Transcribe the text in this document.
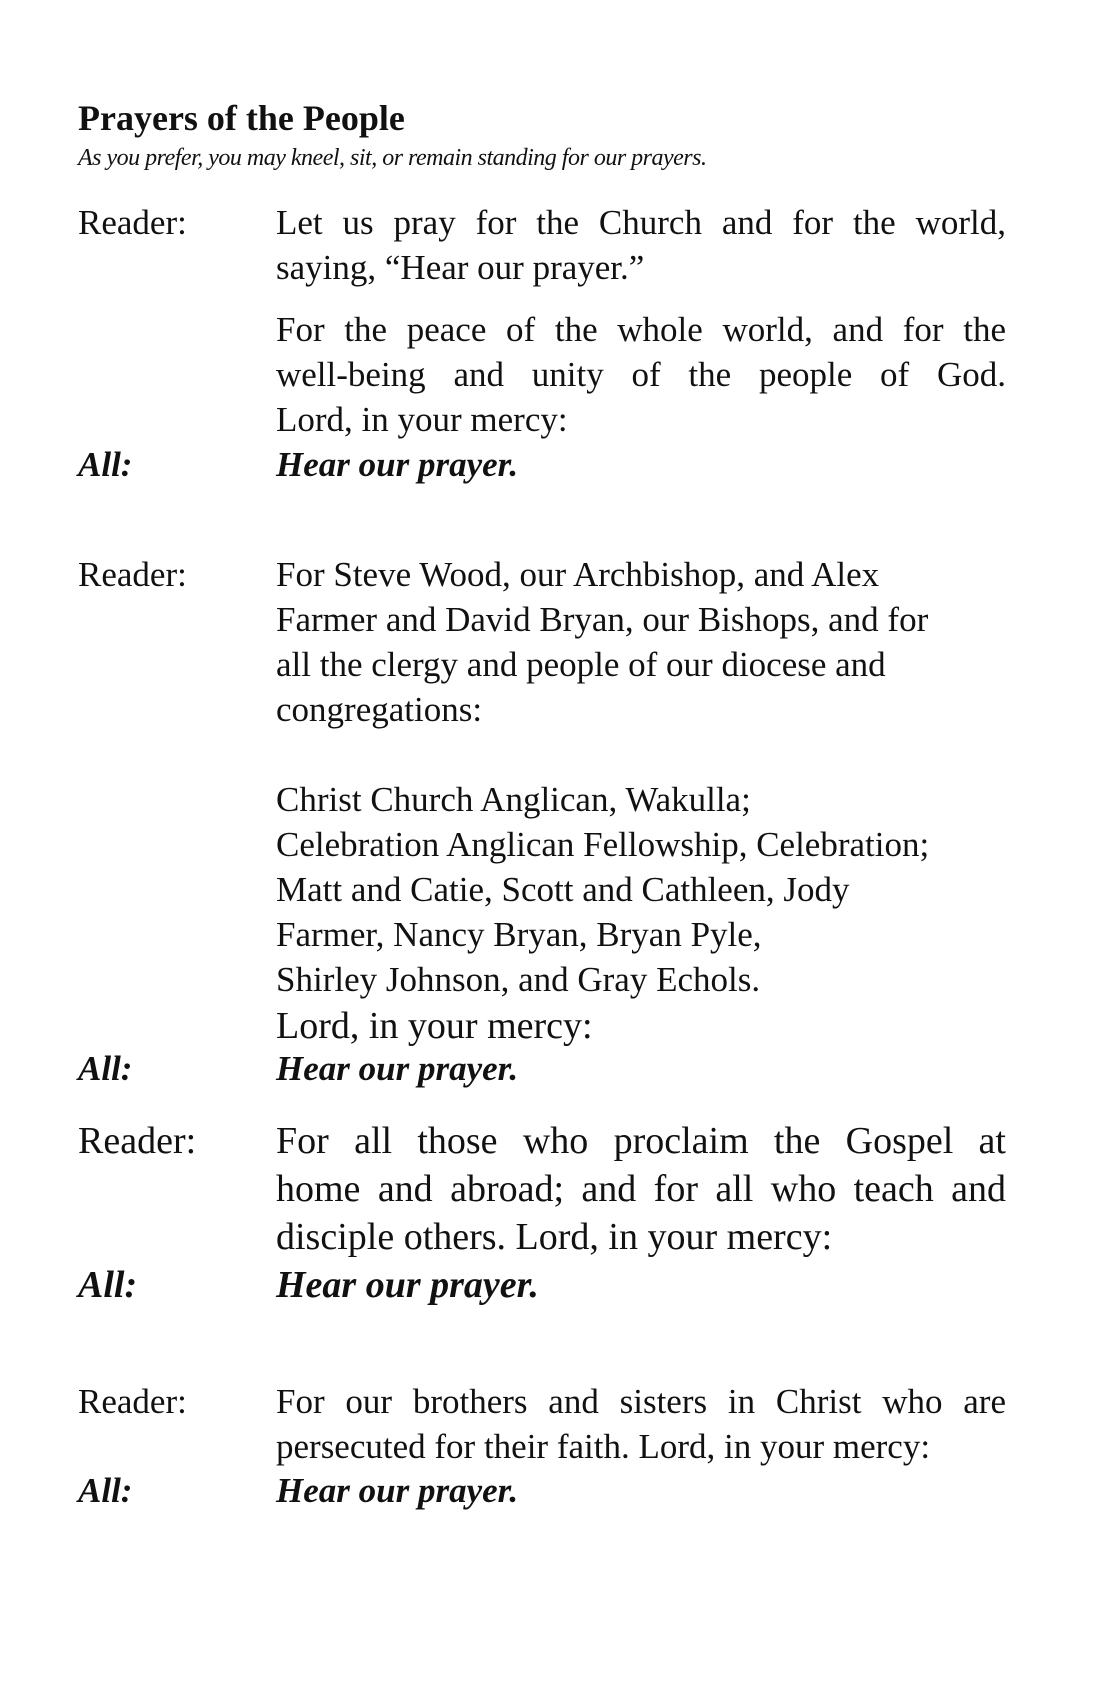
Prayers of the People
As you prefer, you may kneel, sit, or remain standing for our prayers.
Reader:	Let us pray for the Church and for the world,
saying, “Hear our prayer.”
For the peace of the whole world, and for the
well-being and unity of the people of God.
Lord, in your mercy:
All:	Hear our prayer.
Reader:	For Steve Wood, our Archbishop, and Alex
Farmer and David Bryan, our Bishops, and for
all the clergy and people of our diocese and
congregations:
Christ Church Anglican, Wakulla;
Celebration Anglican Fellowship, Celebration;
Matt and Catie, Scott and Cathleen, Jody
Farmer, Nancy Bryan, Bryan Pyle,
Shirley Johnson, and Gray Echols.
Lord, in your mercy:
All:	Hear our prayer.
Reader: For all those who proclaim the Gospel at
home and abroad; and for all who teach and
disciple others. Lord, in your mercy:
All:	Hear our prayer.
Reader:	For our brothers and sisters in Christ who are
persecuted for their faith. Lord, in your mercy:
All:	Hear our prayer.
